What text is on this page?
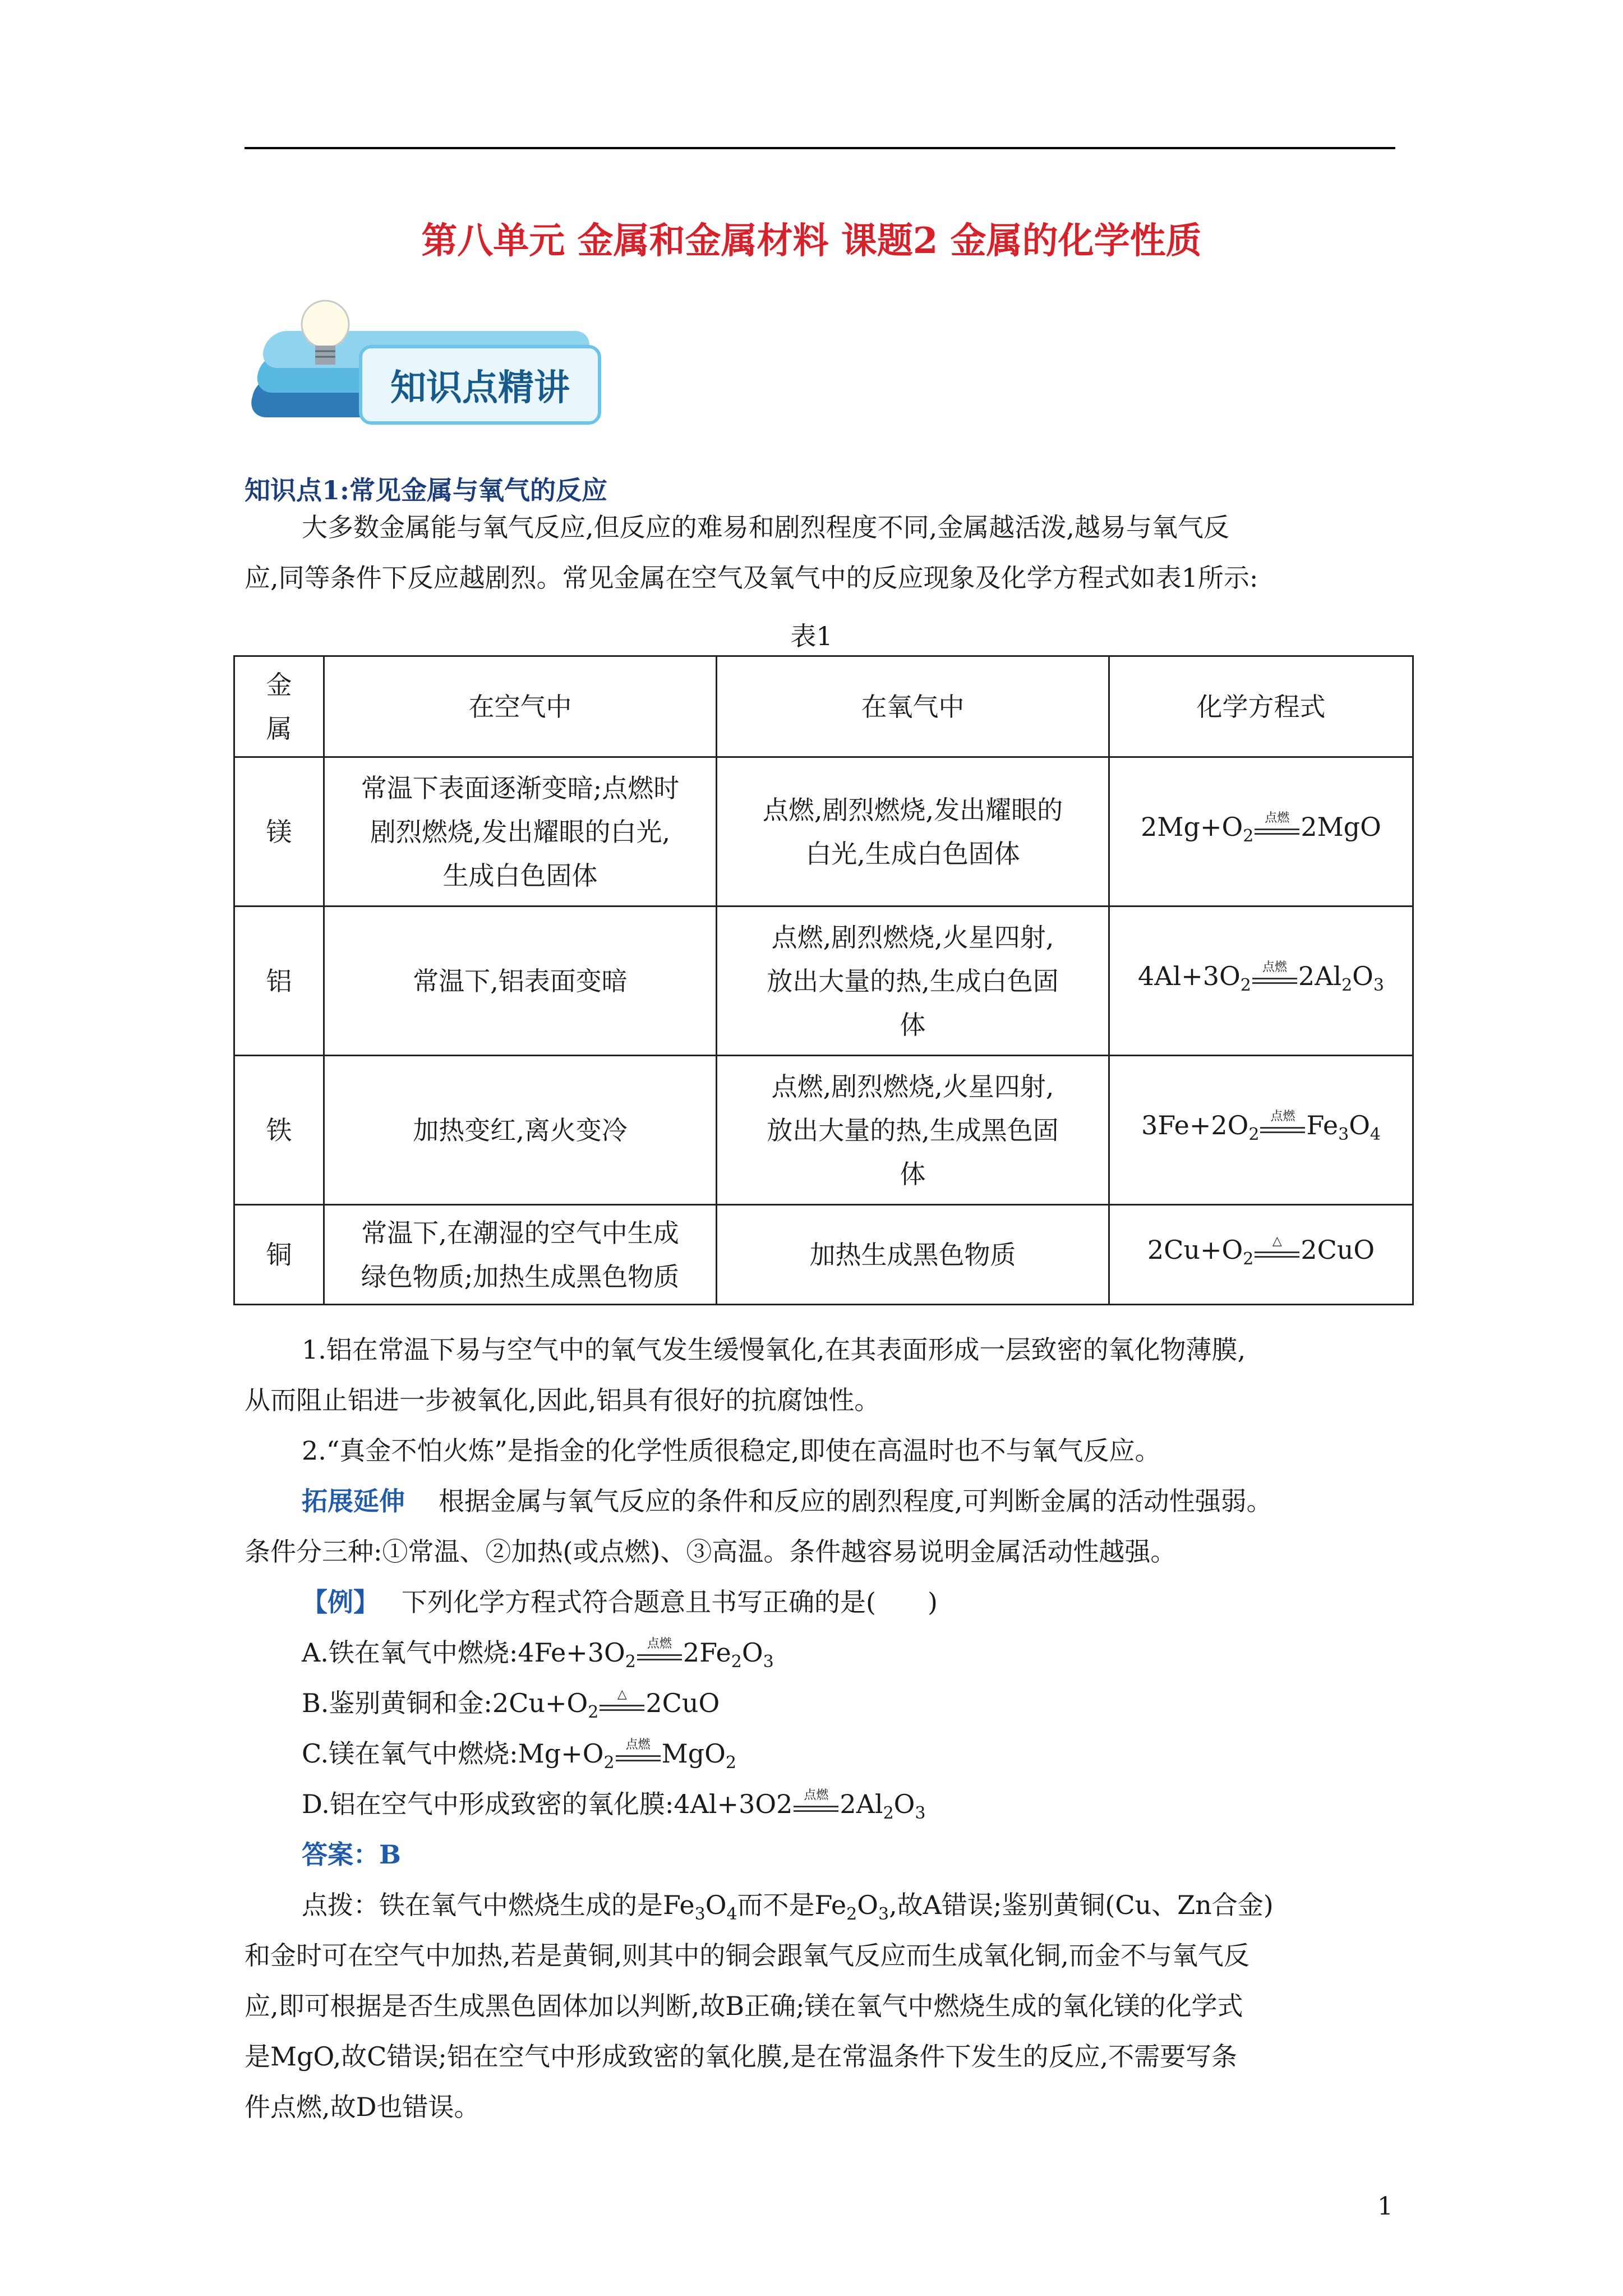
第八单元 金属和金属材料 课题2 金属的化学性质
知识点精讲
知识点1:常见金属与氧气的反应
大多数金属能与氧气反应,但反应的难易和剧烈程度不同,金属越活泼,越易与氧气反
应,同等条件下反应越剧烈。常见金属在空气及氧气中的反应现象及化学方程式如表1所示:
表1
金
属	在空气中	在氧气中	化学方程式
镁	常温下表面逐渐变暗;点燃时
剧烈燃烧,发出耀眼的白光,
生成白色固体	点燃,剧烈燃烧,发出耀眼的
白光,生成白色固体	$2Mg+O_2$
点燃 2MgO
铝	常温下,铝表面变暗	点燃,剧烈燃烧,火星四射,
放出大量的热,生成白色固
体	$4Al+3O_2$
点燃 $2Al_2O_3$
铁	加热变红,离火变冷	点燃,剧烈燃烧,火星四射,
放出大量的热,生成黑色固
体	$3Fe+2O_2$
点燃 $Fe_3O_4$
铜	常温下,在潮湿的空气中生成
绿色物质;加热生成黑色物质	加热生成黑色物质	$2Cu+O_2$
△ 2CuO
1.铝在常温下易与空气中的氧气发生缓慢氧化,在其表面形成一层致密的氧化物薄膜,
从而阻止铝进一步被氧化,因此,铝具有很好的抗腐蚀性。
2.“真金不怕火炼”是指金的化学性质很稳定,即使在高温时也不与氧气反应。
拓展延伸 根据金属与氧气反应的条件和反应的剧烈程度,可判断金属的活动性强弱。
条件分三种:①常温、②加热(或点燃)、③高温。条件越容易说明金属活动性越强。
【例】 下列化学方程式符合题意且书写正确的是(　　)
A.铁在氧气中燃烧$:4Fe+3O_2$
点燃 $2Fe_2O_3$
B.鉴别黄铜和金$:2Cu+O_2$
△ 2CuO
C.镁在氧气中燃烧$:Mg+O_2$
点燃 MgO$_2$
D.铝在空气中形成致密的氧化膜:4Al+3O2 点燃 $2Al_2O_3$
答案：B
点拨：铁在氧气中燃烧生成的是$Fe_3O_4$而不是$Fe_2O_3$,故A错误;鉴别黄铜(Cu、Zn合金)
和金时可在空气中加热,若是黄铜,则其中的铜会跟氧气反应而生成氧化铜,而金不与氧气反
应,即可根据是否生成黑色固体加以判断,故B正确;镁在氧气中燃烧生成的氧化镁的化学式
是MgO,故C错误;铝在空气中形成致密的氧化膜,是在常温条件下发生的反应,不需要写条
件点燃,故D也错误。
1
